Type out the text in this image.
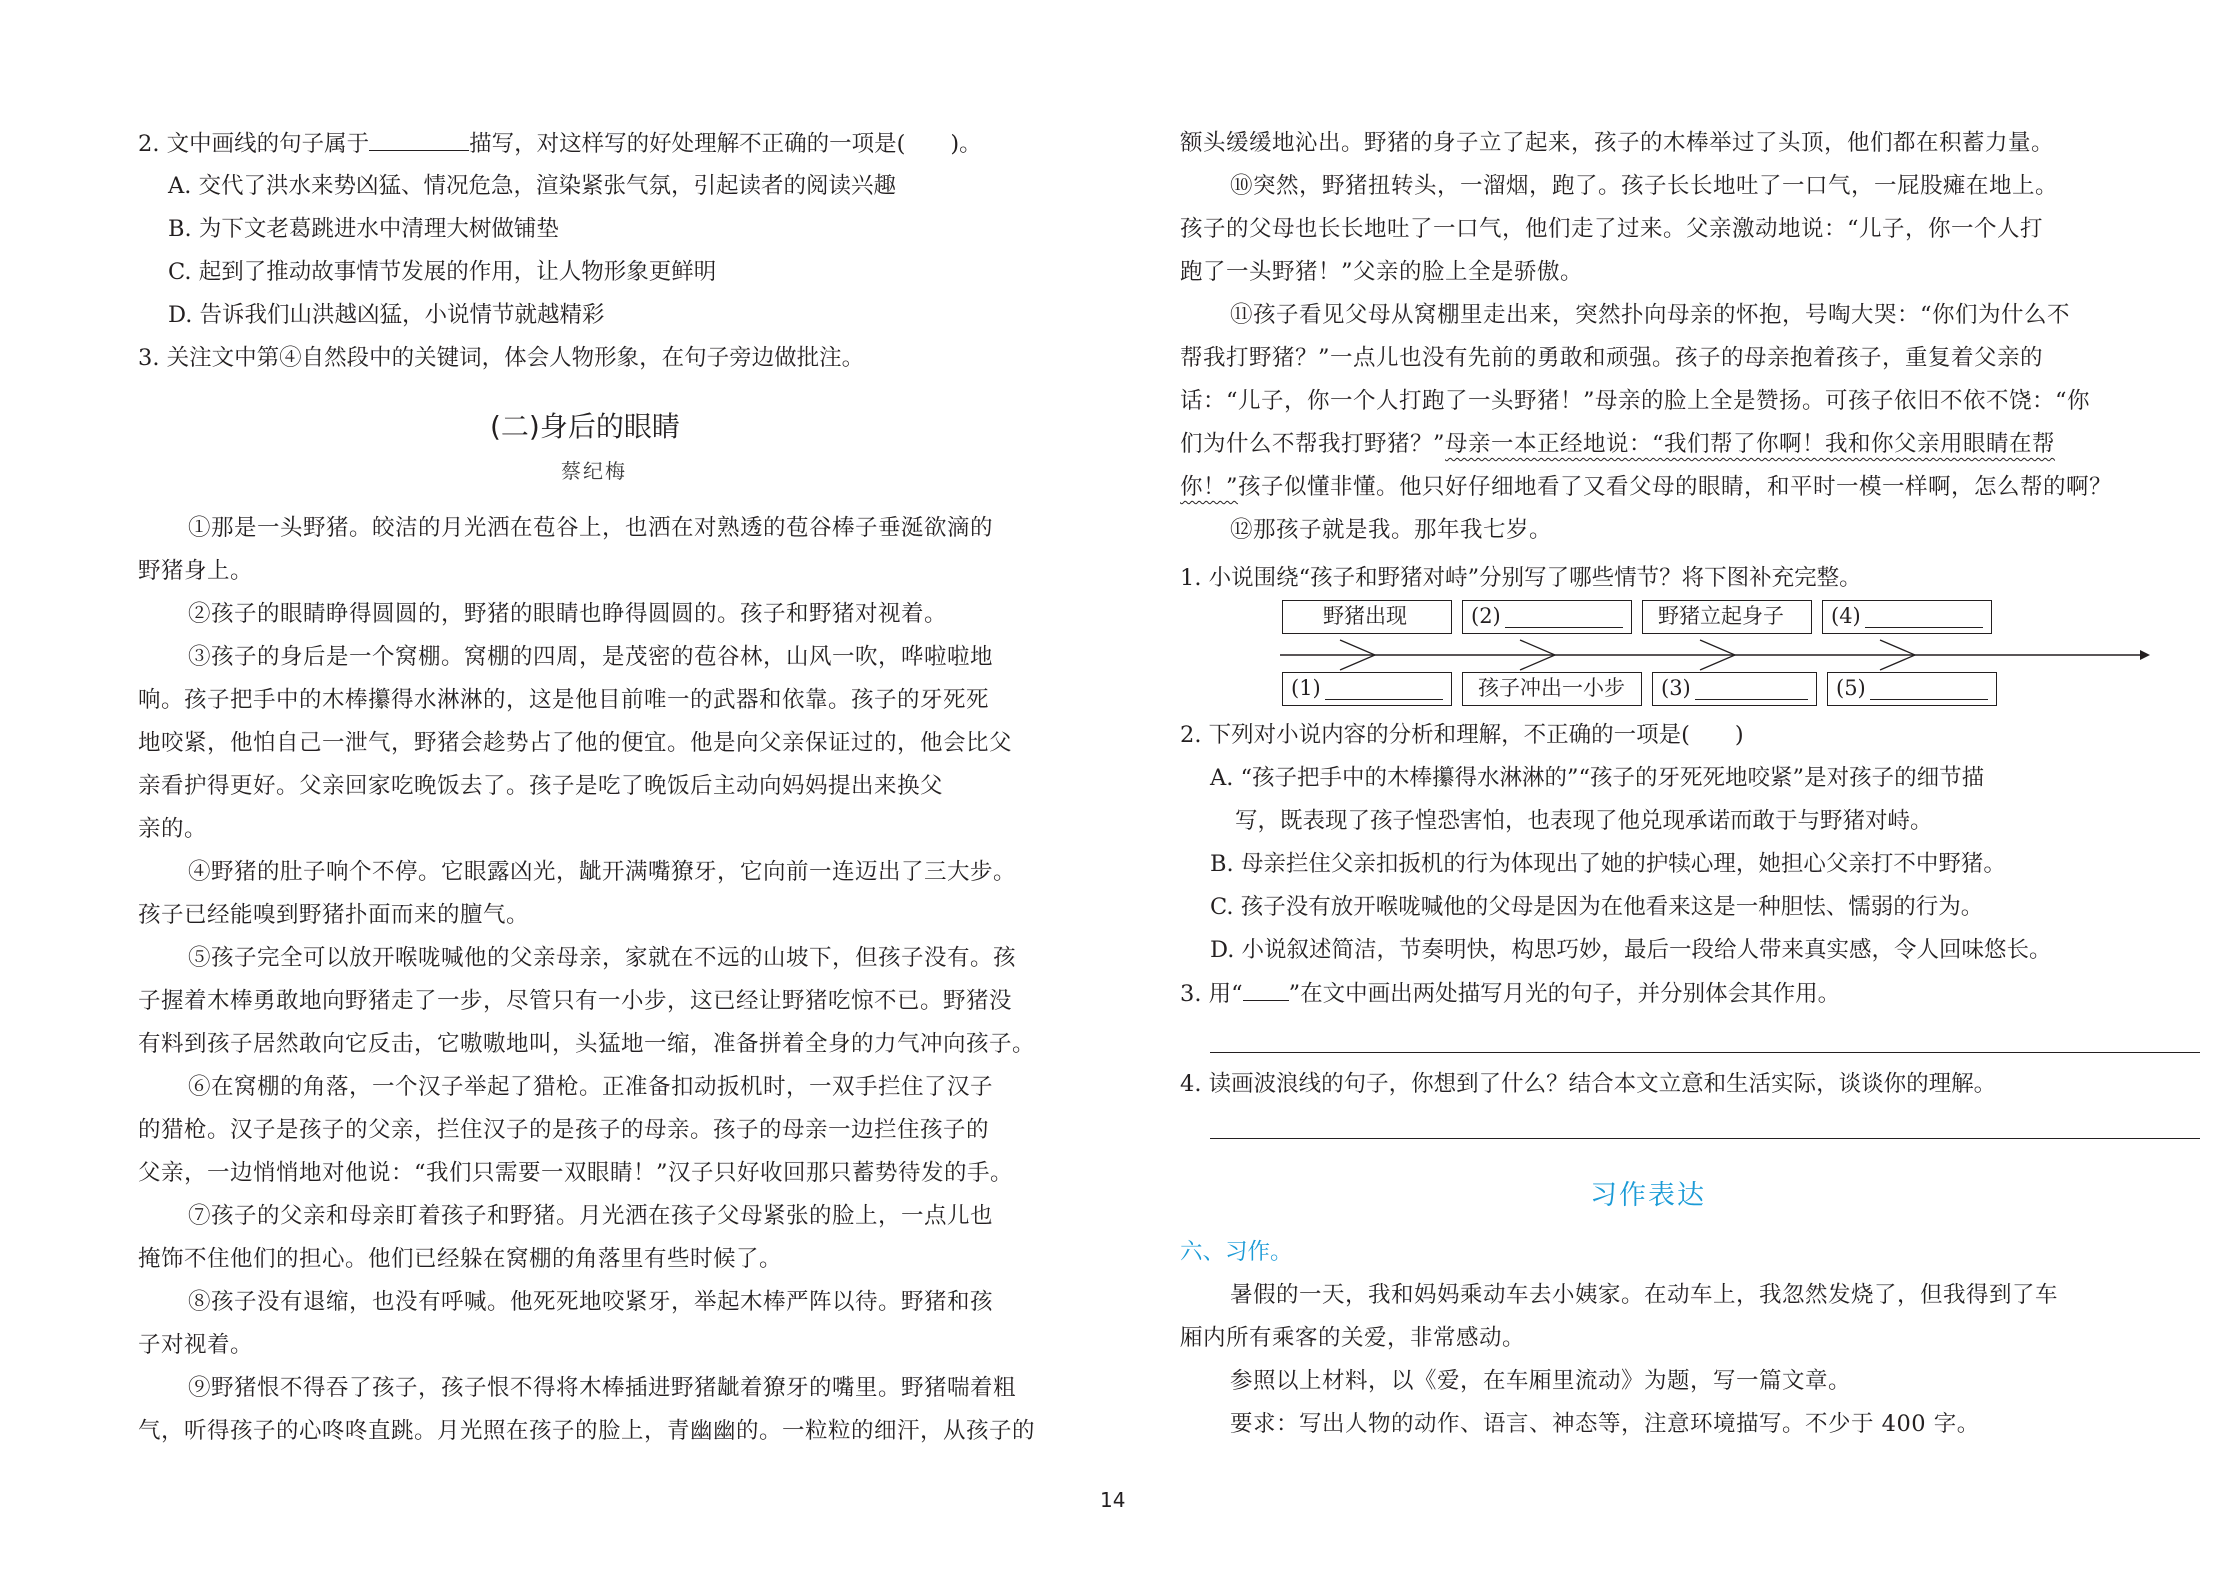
2. 文中画线的句子属于	描写，对这样写的好处理解不正确的一项是(　　)。
A. 交代了洪水来势凶猛、情况危急，渲染紧张气氛，引起读者的阅读兴趣
B. 为下文老葛跳进水中清理大树做铺垫
C. 起到了推动故事情节发展的作用，让人物形象更鲜明
D. 告诉我们山洪越凶猛，小说情节就越精彩
3. 关注文中第④自然段中的关键词，体会人物形象，在句子旁边做批注。
(二)身后的眼睛
蔡纪梅
①那是一头野猪。皎洁的月光洒在苞谷上，也洒在对熟透的苞谷棒子垂涎欲滴的
野猪身上。
②孩子的眼睛睁得圆圆的，野猪的眼睛也睁得圆圆的。孩子和野猪对视着。
③孩子的身后是一个窝棚。窝棚的四周，是茂密的苞谷林，山风一吹，哗啦啦地
响。孩子把手中的木棒攥得水淋淋的，这是他目前唯一的武器和依靠。孩子的牙死死
地咬紧，他怕自己一泄气，野猪会趁势占了他的便宜。他是向父亲保证过的，他会比父
亲看护得更好。父亲回家吃晚饭去了。孩子是吃了晚饭后主动向妈妈提出来换父
亲的。
④野猪的肚子响个不停。它眼露凶光，龇开满嘴獠牙，它向前一连迈出了三大步。
孩子已经能嗅到野猪扑面而来的膻气。
⑤孩子完全可以放开喉咙喊他的父亲母亲，家就在不远的山坡下，但孩子没有。孩
子握着木棒勇敢地向野猪走了一步，尽管只有一小步，这已经让野猪吃惊不已。野猪没
有料到孩子居然敢向它反击，它嗷嗷地叫，头猛地一缩，准备拼着全身的力气冲向孩子。
⑥在窝棚的角落，一个汉子举起了猎枪。正准备扣动扳机时，一双手拦住了汉子
的猎枪。汉子是孩子的父亲，拦住汉子的是孩子的母亲。孩子的母亲一边拦住孩子的
父亲，一边悄悄地对他说：“我们只需要一双眼睛！”汉子只好收回那只蓄势待发的手。
⑦孩子的父亲和母亲盯着孩子和野猪。月光洒在孩子父母紧张的脸上，一点儿也
掩饰不住他们的担心。他们已经躲在窝棚的角落里有些时候了。
⑧孩子没有退缩，也没有呼喊。他死死地咬紧牙，举起木棒严阵以待。野猪和孩
子对视着。
⑨野猪恨不得吞了孩子，孩子恨不得将木棒插进野猪龇着獠牙的嘴里。野猪喘着粗
气，听得孩子的心咚咚直跳。月光照在孩子的脸上，青幽幽的。一粒粒的细汗，从孩子的
额头缓缓地沁出。野猪的身子立了起来，孩子的木棒举过了头顶，他们都在积蓄力量。
⑩突然，野猪扭转头，一溜烟，跑了。孩子长长地吐了一口气，一屁股瘫在地上。
孩子的父母也长长地吐了一口气，他们走了过来。父亲激动地说：“儿子，你一个人打
跑了一头野猪！”父亲的脸上全是骄傲。
⑪孩子看见父母从窝棚里走出来，突然扑向母亲的怀抱，号啕大哭：“你们为什么不
帮我打野猪？”一点儿也没有先前的勇敢和顽强。孩子的母亲抱着孩子，重复着父亲的
话：“儿子，你一个人打跑了一头野猪！”母亲的脸上全是赞扬。可孩子依旧不依不饶：“你
们为什么不帮我打野猪？”母亲一本正经地说：“我们帮了你啊！我和你父亲用眼睛在帮
你！”孩子似懂非懂。他只好仔细地看了又看父母的眼睛，和平时一模一样啊，怎么帮的啊？
⑫那孩子就是我。那年我七岁。
1. 小说围绕“孩子和野猪对峙”分别写了哪些情节？将下图补充完整。
野猪出现	(2)	野猪立起身子 (4)
(1)	孩子冲出一小步 (3)	(5)
2. 下列对小说内容的分析和理解，不正确的一项是(　　)
A. “孩子把手中的木棒攥得水淋淋的”“孩子的牙死死地咬紧”是对孩子的细节描
写，既表现了孩子惶恐害怕，也表现了他兑现承诺而敢于与野猪对峙。
B. 母亲拦住父亲扣扳机的行为体现出了她的护犊心理，她担心父亲打不中野猪。
C. 孩子没有放开喉咙喊他的父母是因为在他看来这是一种胆怯、懦弱的行为。
D. 小说叙述简洁，节奏明快，构思巧妙，最后一段给人带来真实感，令人回味悠长。
3. 用“ ”在文中画出两处描写月光的句子，并分别体会其作用。
4. 读画波浪线的句子，你想到了什么？结合本文立意和生活实际，谈谈你的理解。
习作表达
六、习作。
暑假的一天，我和妈妈乘动车去小姨家。在动车上，我忽然发烧了，但我得到了车
厢内所有乘客的关爱，非常感动。
参照以上材料，以《爱，在车厢里流动》为题，写一篇文章。
要求：写出人物的动作、语言、神态等，注意环境描写。不少于 400 字。
14
